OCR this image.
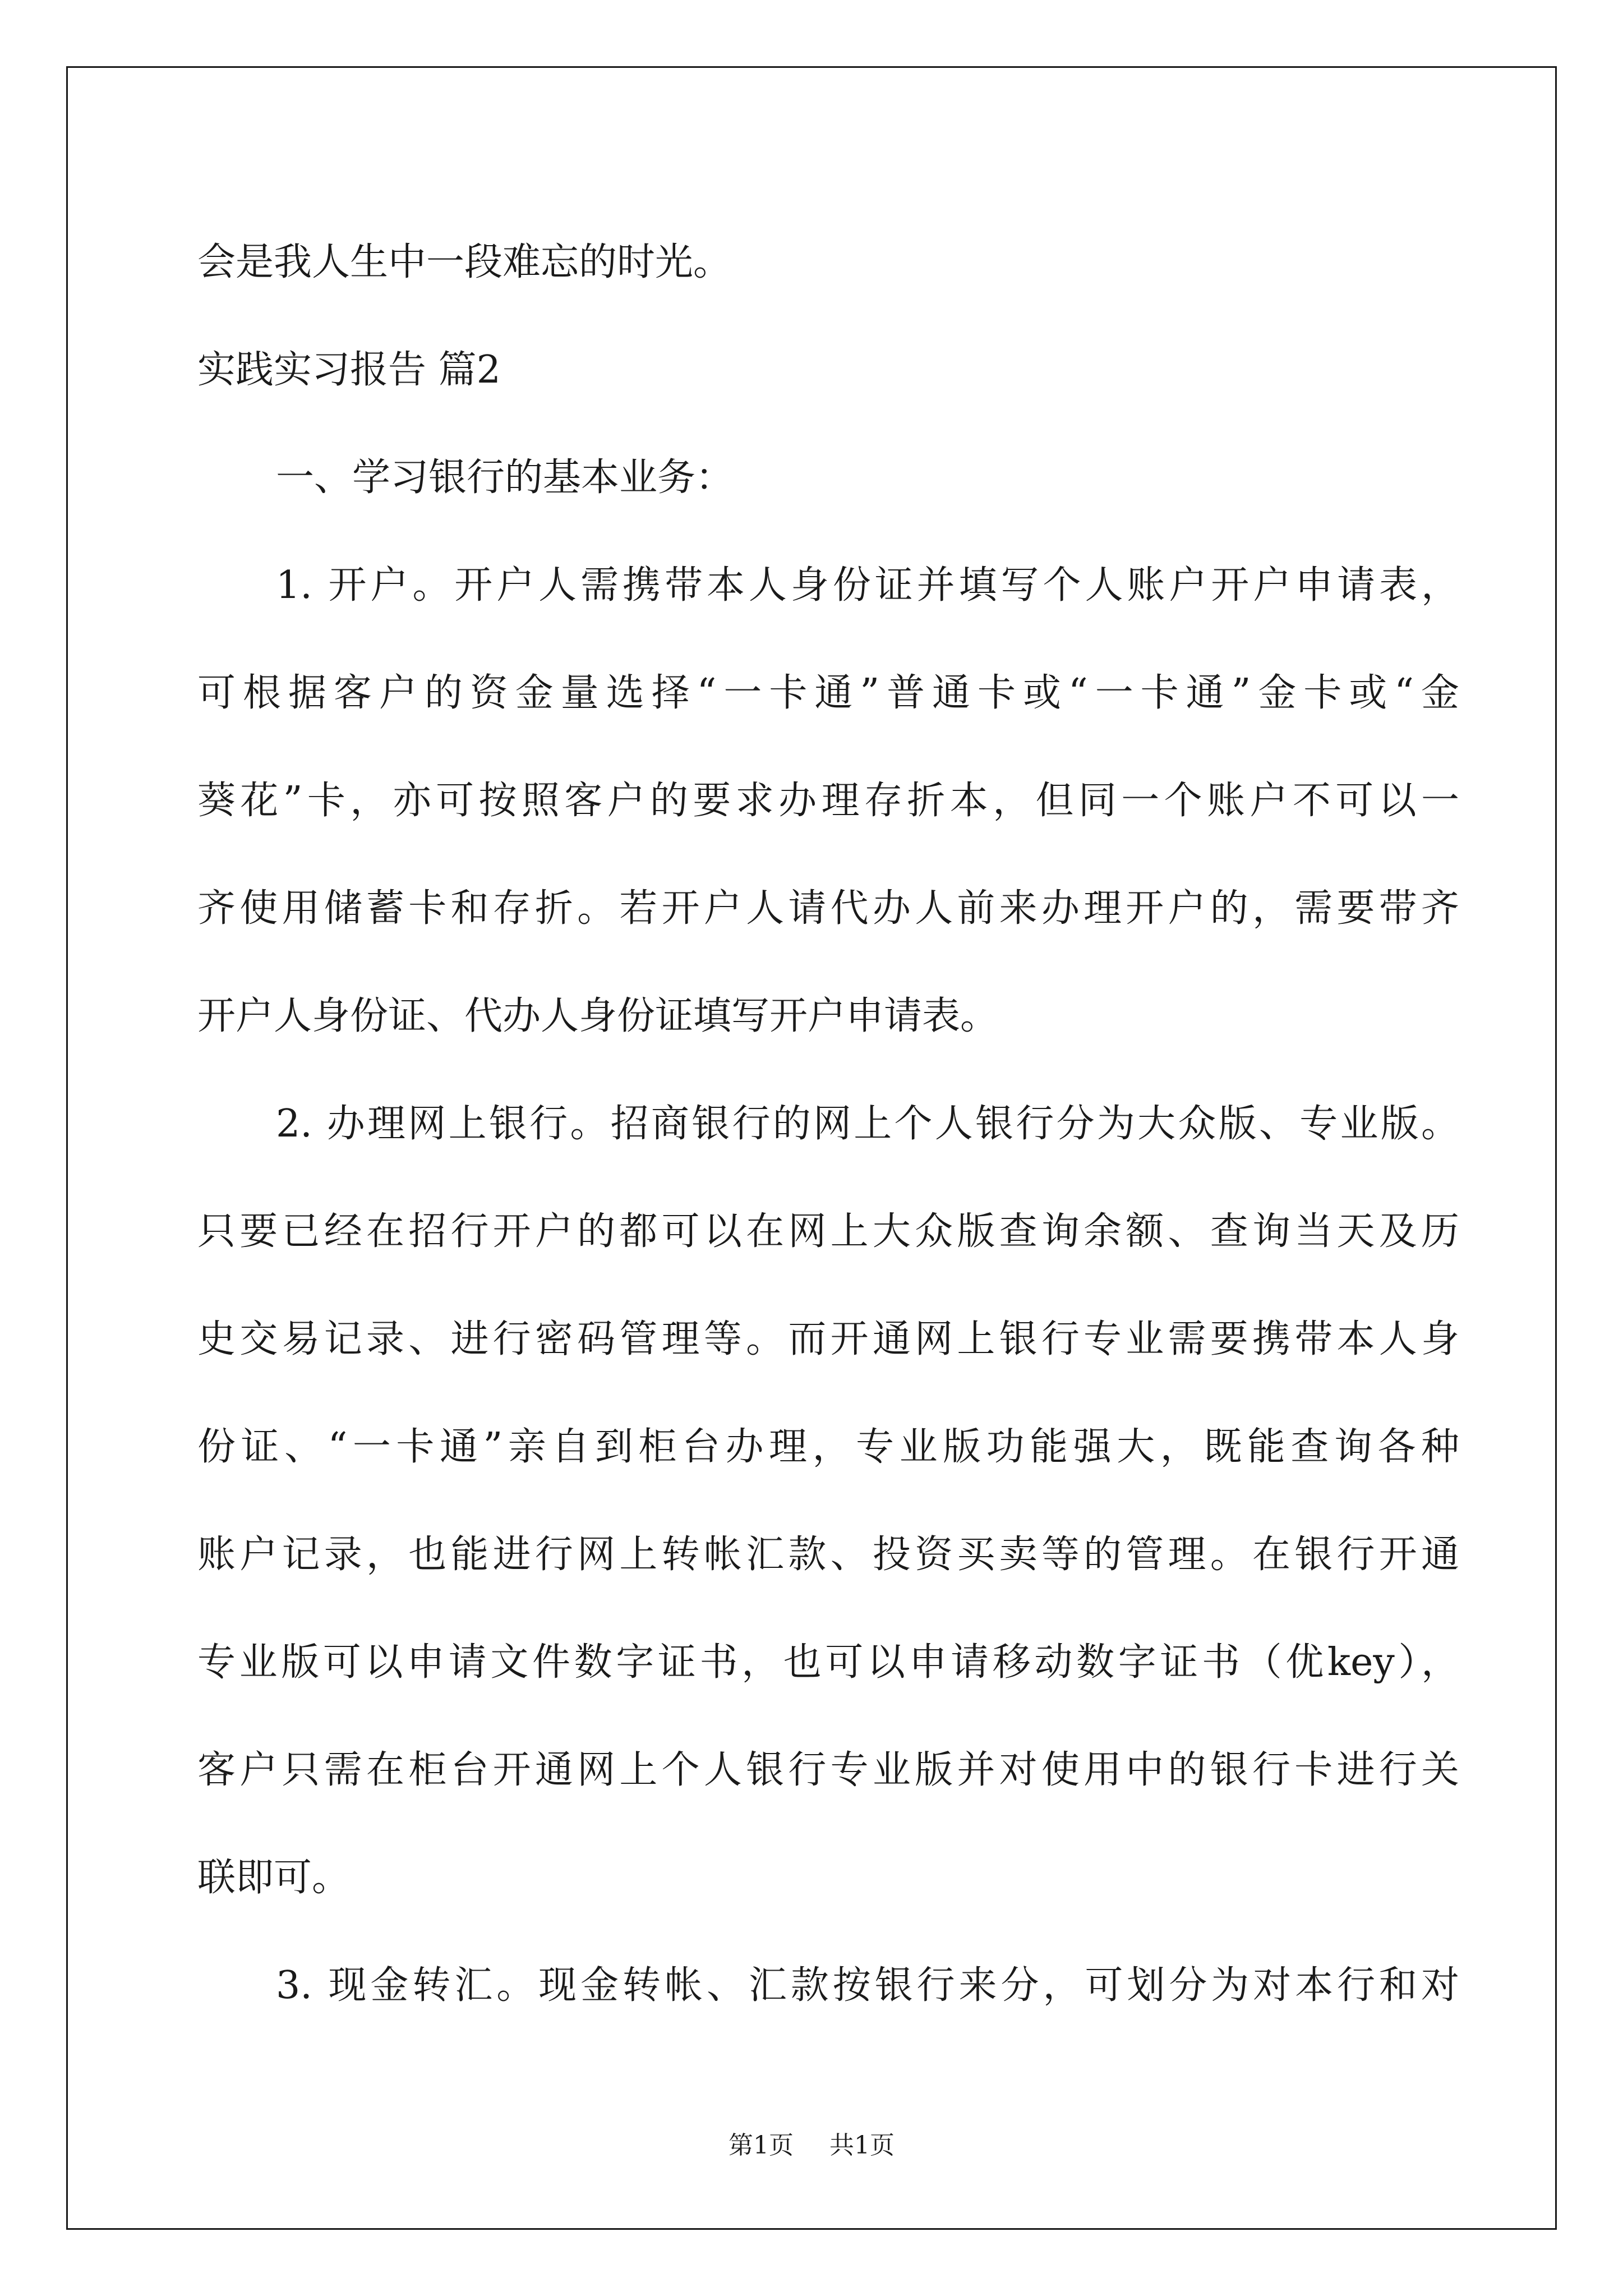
会是我人生中一段难忘的时光。
实践实习报告 篇2
一、学习银行的基本业务：
1. 开户。开户人需携带本人身份证并填写个人账户开户申请表，
可根据客户的资金量选择“一卡通”普通卡或“一卡通”金卡或“金
葵花”卡，亦可按照客户的要求办理存折本，但同一个账户不可以一
齐使用储蓄卡和存折。若开户人请代办人前来办理开户的，需要带齐
开户人身份证、代办人身份证填写开户申请表。
2. 办理网上银行。招商银行的网上个人银行分为大众版、专业版。
只要已经在招行开户的都可以在网上大众版查询余额、查询当天及历
史交易记录、进行密码管理等。而开通网上银行专业需要携带本人身
份证、“一卡通”亲自到柜台办理，专业版功能强大，既能查询各种
账户记录，也能进行网上转帐汇款、投资买卖等的管理。在银行开通
专业版可以申请文件数字证书，也可以申请移动数字证书（优key），
客户只需在柜台开通网上个人银行专业版并对使用中的银行卡进行关
联即可。
3. 现金转汇。现金转帐、汇款按银行来分，可划分为对本行和对
第1页 共1页
